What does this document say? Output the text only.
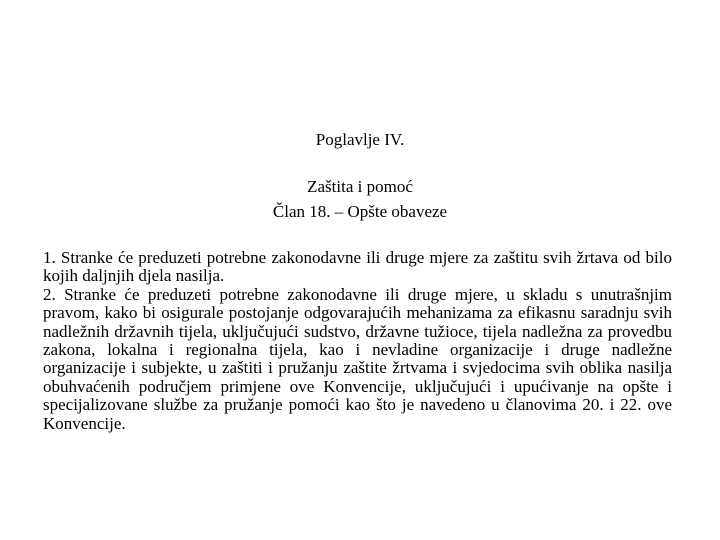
Poglavlje IV.
Zaštita i pomoć
Član 18. – Opšte obaveze

1. Stranke će preduzeti potrebne zakonodavne ili druge mjere za zaštitu svih žrtava od bilo kojih daljnjih djela nasilja.

2. Stranke će preduzeti potrebne zakonodavne ili druge mjere, u skladu s unutrašnjim pravom, kako bi osigurale postojanje odgovarajućih mehanizama za efikasnu saradnju svih nadležnih državnih tijela, uključujući sudstvo, državne tužioce, tijela nadležna za provedbu zakona, lokalna i regionalna tijela, kao i nevladine organizacije i druge nadležne organizacije i subjekte, u zaštiti i pružanju zaštite žrtvama i svjedocima svih oblika nasilja obuhvaćenih područjem primjene ove Konvencije, uključujući i upućivanje na opšte i specijalizovane službe za pružanje pomoći kao što je navedeno u članovima 20. i 22. ove Konvencije.
